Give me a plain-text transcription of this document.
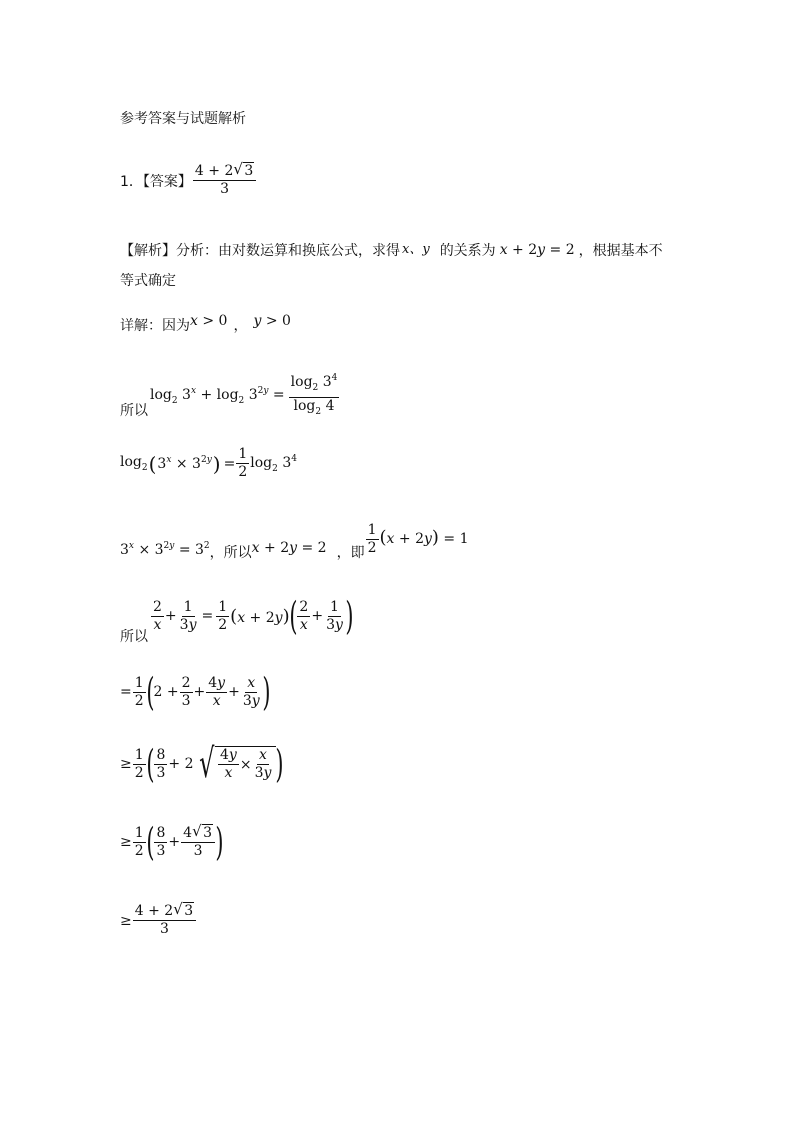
参考答案与试题解析
1．【答案】 $\frac{4 + 2 √ 3}{3}$
【解析】 分析：由对数运算和换底公式，求得 x、y 的关系为 x + 2y = 2 ，根据基本不
等式确定
详解：因为 x > 0 ， y > 0
所以
$\log_2 3^x + \log_2 3^{2y} = \frac{\log_2 3^4}{\log_2 4}$
$\log_2$ ( $3^x \times 3^{2y}$ ) = $\frac{1}{2} \log_2 3^4$
$3^x \times 3^{2y} = 3^2$ ，所以 x + 2y = 2 ，即 $\frac{1}{2} (x + 2y) = 1$
所以
$\frac{2}{x} + \frac{1}{3y} = \frac{1}{2} (x + 2y)$ ( $\frac{2}{x} + \frac{1}{3y}$ )
= $\frac{1}{2}$ ( $2 + \frac{2}{3} + \frac{4y}{x} + \frac{x}{3y}$ )
≥ $\frac{1}{2}$ ( $\frac{8}{3} + 2$ √ $\frac{4y}{x} \times \frac{x}{3y}$ )
≥ $\frac{1}{2}$ ( $\frac{8}{3} + \frac{4 √ 3}{3}$ )
≥ $\frac{4 + 2 √ 3}{3}$
